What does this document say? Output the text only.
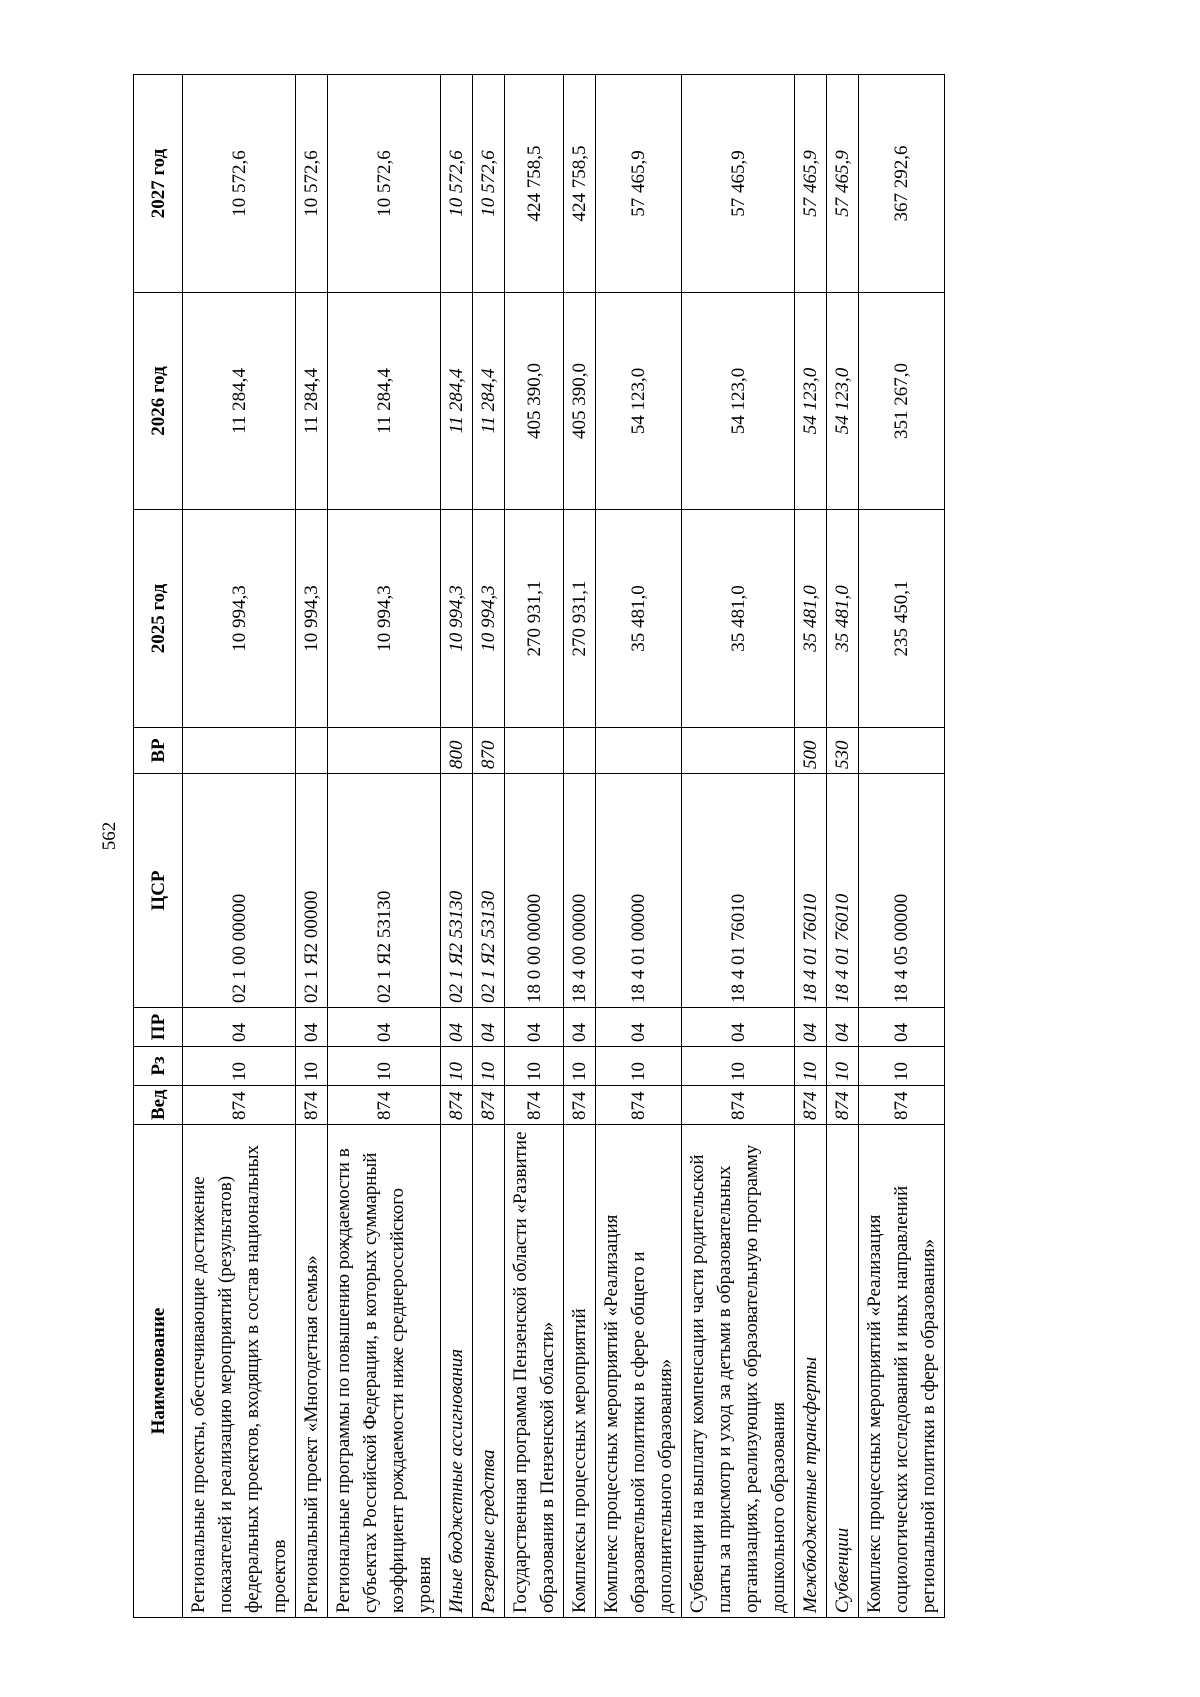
562
Наименование	Вед	Рз	ПР	ЦСР	ВР	2025 год	2026 год	2027 год
Региональные проекты, обеспечивающие достижение показателей и реализацию мероприятий (результатов) федеральных проектов, входящих в состав национальных проектов	874	10	04	02 1 00 00000		10 994,3	11 284,4	10 572,6
Региональный проект «Многодетная семья»	874	10	04	02 1 Я2 00000		10 994,3	11 284,4	10 572,6
Региональные программы по повышению рождаемости в субъектах Российской Федерации, в которых суммарный коэффициент рождаемости ниже среднероссийского уровня	874	10	04	02 1 Я2 53130		10 994,3	11 284,4	10 572,6
Иные бюджетные ассигнования	874	10	04	02 1 Я2 53130	800	10 994,3	11 284,4	10 572,6
Резервные средства	874	10	04	02 1 Я2 53130	870	10 994,3	11 284,4	10 572,6
Государственная программа Пензенской области «Развитие образования в Пензенской области»	874	10	04	18 0 00 00000		270 931,1	405 390,0	424 758,5
Комплексы процессных мероприятий	874	10	04	18 4 00 00000		270 931,1	405 390,0	424 758,5
Комплекс процессных мероприятий «Реализация образовательной политики в сфере общего и дополнительного образования»	874	10	04	18 4 01 00000		35 481,0	54 123,0	57 465,9
Субвенции на выплату компенсации части родительской платы за присмотр и уход за детьми в образовательных организациях, реализующих образовательную программу дошкольного образования	874	10	04	18 4 01 76010		35 481,0	54 123,0	57 465,9
Межбюджетные трансферты	874	10	04	18 4 01 76010	500	35 481,0	54 123,0	57 465,9
Субвенции	874	10	04	18 4 01 76010	530	35 481,0	54 123,0	57 465,9
Комплекс процессных мероприятий «Реализация социологических исследований и иных направлений региональной политики в сфере образования»	874	10	04	18 4 05 00000		235 450,1	351 267,0	367 292,6
